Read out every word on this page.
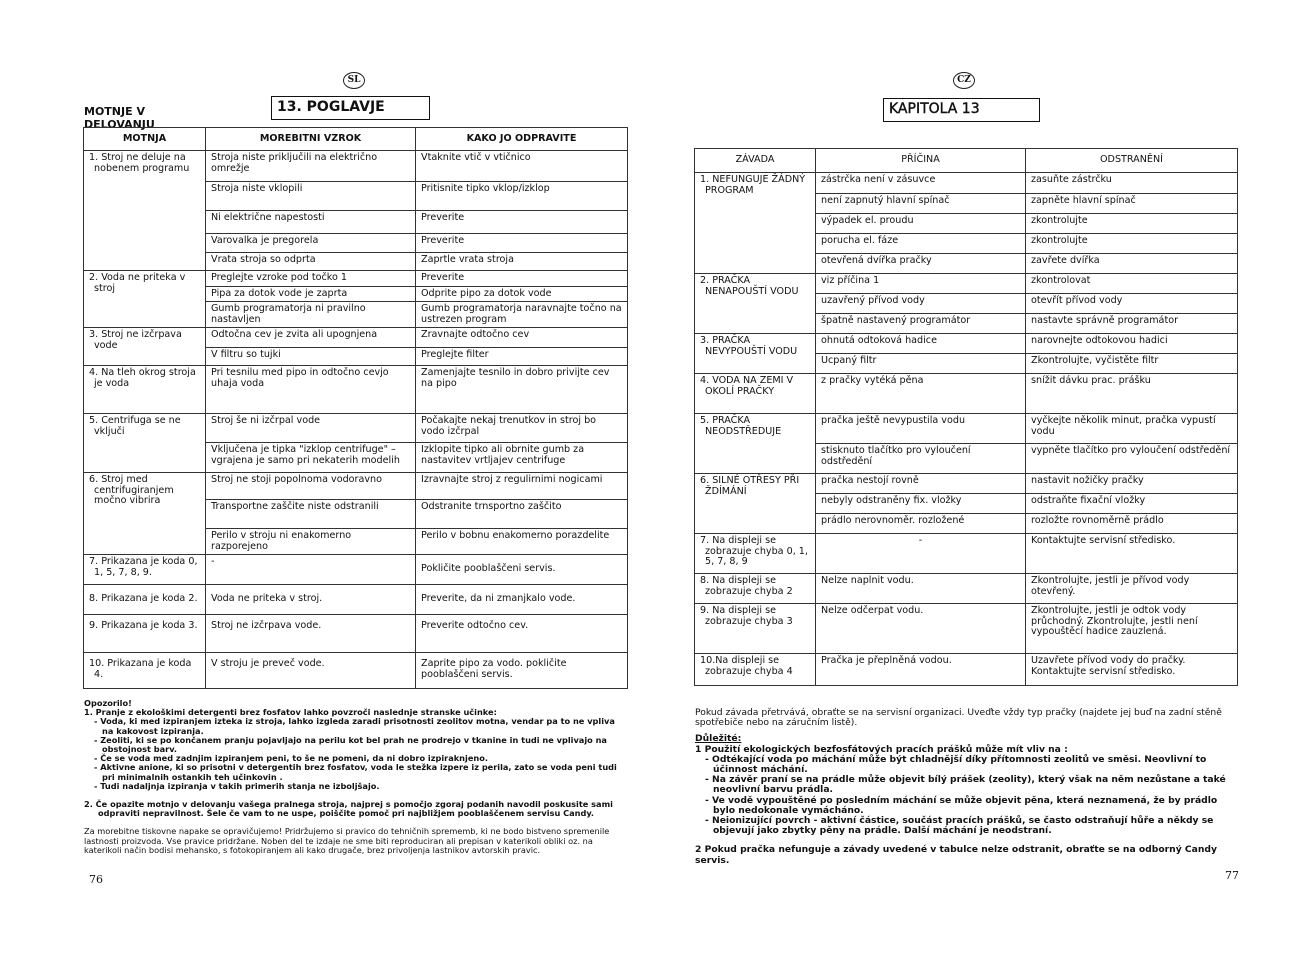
SL
MOTNJE V DELOVANJU
13. POGLAVJE
MOTNJA	MOREBITNI VZROK	KAKO JO ODPRAVITE
1. Stroj ne deluje na nobenem programu	Stroja niste priključili na električno omrežje	Vtaknite vtič v vtičnico
	Stroja niste vklopili	Pritisnite tipko vklop/izklop
	Ni električne napestosti	Preverite
	Varovalka je pregorela	Preverite
	Vrata stroja so odprta	Zaprtle vrata stroja
2. Voda ne priteka v stroj	Preglejte vzroke pod točko 1	Preverite
	Pipa za dotok vode je zaprta	Odprite pipo za dotok vode
	Gumb programatorja ni pravilno nastavljen	Gumb programatorja naravnajte točno na ustrezen program
3. Stroj ne izčrpava vode	Odtočna cev je zvita ali upognjena	Zravnajte odtočno cev
	V filtru so tujki	Preglejte filter
4. Na tleh okrog stroja je voda	Pri tesnilu med pipo in odtočno cevjo uhaja voda	Zamenjajte tesnilo in dobro privijte cev na pipo
5. Centrifuga se ne vključi	Stroj še ni izčrpal vode	Počakajte nekaj trenutkov in stroj bo vodo izčrpal
	Vključena je tipka "izklop centrifuge" – vgrajena je samo pri nekaterih modelih	Izklopite tipko ali obrnite gumb za nastavitev vrtljajev centrifuge
6. Stroj med centrifugiranjem močno vibrira	Stroj ne stoji popolnoma vodoravno	Izravnajte stroj z regulirnimi nogicami
	Transportne zaščite niste odstranili	Odstranite trnsportno zaščito
	Perilo v stroju ni enakomerno razporejeno	Perilo v bobnu enakomerno porazdelite
7. Prikazana je koda 0, 1, 5, 7, 8, 9.	-	Pokličite pooblaščeni servis.
8. Prikazana je koda 2.	Voda ne priteka v stroj.	Preverite, da ni zmanjkalo vode.
9. Prikazana je koda 3.	Stroj ne izčrpava vode.	Preverite odtočno cev.
10. Prikazana je koda 4.	V stroju je preveč vode.	Zaprite pipo za vodo. pokličite pooblaščeni servis.

Opozorilo!

1. Pranje z ekološkimi detergenti brez fosfatov lahko povzroči naslednje stranske učinke:

- Voda, ki med izpiranjem izteka iz stroja, lahko izgleda zaradi prisotnosti zeolitov motna, vendar pa to ne vpliva na kakovost izpiranja.

- Zeoliti, ki se po končanem pranju pojavljajo na perilu kot bel prah ne prodrejo v tkanine in tudi ne vplivajo na obstojnost barv.

- Če se voda med zadnjim izpiranjem peni, to še ne pomeni, da ni dobro izpiraknjeno.

- Aktivne anione, ki so prisotni v detergentih brez fosfatov, voda le stežka izpere iz perila, zato se voda peni tudi pri minimalnih ostankih teh učinkovin .

- Tudi nadaljnja izpiranja v takih primerih stanja ne izboljšajo.

2. Če opazite motnjo v delovanju vašega pralnega stroja, najprej s pomočjo zgoraj podanih navodil poskusite sami odpraviti nepravilnost. Šele če vam to ne uspe, poiščite pomoč pri najbližjem pooblaščenem servisu Candy.

Za morebitne tiskovne napake se opravičujemo! Pridržujemo si pravico do tehničnih sprememb, ki ne bodo bistveno spremenile lastnosti proizvoda. Vse pravice pridržane. Noben del te izdaje ne sme biti reproduciran ali prepisan v katerikoli obliki oz. na katerikoli način bodisi mehansko, s fotokopiranjem ali kako drugače, brez privoljenja lastnikov avtorskih pravic.

76
CZ
KAPITOLA 13
ZÁVADA	PŘÍČINA	ODSTRANĚNÍ
1. NEFUNGUJE ŽÁDNÝ PROGRAM	zástrčka není v zásuvce	zasuňte zástrčku
	není zapnutý hlavní spínač	zapněte hlavní spínač
	výpadek el. proudu	zkontrolujte
	porucha el. fáze	zkontrolujte
	otevřená dvířka pračky	zavřete dvířka
2. PRAČKA NENAPOUŠTÍ VODU	viz příčina 1	zkontrolovat
	uzavřený přívod vody	otevřít přívod vody
	špatně nastavený programátor	nastavte správně programátor
3. PRAČKA NEVYPOUŠTÍ VODU	ohnutá odtoková hadice	narovnejte odtokovou hadici
	Ucpaný filtr	Zkontrolujte, vyčistěte filtr
4. VODA NA ZEMI V OKOLÍ PRAČKY	z pračky vytéká pěna	snížit dávku prac. prášku
5. PRAČKA NEODSTŘEDUJE	pračka ještě nevypustila vodu	vyčkejte několik minut, pračka vypustí vodu
	stisknuto tlačítko pro vyloučení odstředění	vypněte tlačítko pro vyloučení odstředění
6. SILNÉ OTŘESY PŘI ŽDÍMÁNÍ	pračka nestojí rovně	nastavit nožičky pračky
	nebyly odstraněny fix. vložky	odstraňte fixační vložky
	prádlo nerovnoměr. rozložené	rozložte rovnoměrně prádlo
7. Na displeji se zobrazuje chyba 0, 1, 5, 7, 8, 9	-	Kontaktujte servisní středisko.
8. Na displeji se zobrazuje chyba 2	Nelze naplnit vodu.	Zkontrolujte, jestli je přívod vody otevřený.
9. Na displeji se zobrazuje chyba 3	Nelze odčerpat vodu.	Zkontrolujte, jestli je odtok vody průchodný. Zkontrolujte, jestli není vypouštěcí hadice zauzlená.
10.Na displeji se zobrazuje chyba 4	Pračka je přeplněná vodou.	Uzavřete přívod vody do pračky. Kontaktujte servisní středisko.

Pokud závada přetrvává, obraťte se na servisní organizaci. Uveďte vždy typ pračky (najdete jej buď na zadní stěně spotřebiče nebo na záručním listě).

Důležité:

1 Použití ekologických bezfosfátových pracích prášků může mít vliv na :

- Odtékající voda po máchání může být chladnější díky přítomnosti zeolitů ve směsi. Neovlivní to účinnost máchání.

- Na závěr praní se na prádle může objevit bílý prášek (zeolity), který však na něm nezůstane a také neovlivní barvu prádla.

- Ve vodě vypouštěné po posledním máchání se může objevit pěna, která neznamená, že by prádlo bylo nedokonale vymácháno.

- Neionizující povrch - aktivní částice, součást pracích prášků, se často odstraňují hůře a někdy se objevují jako zbytky pěny na prádle. Další máchání je neodstraní.

2 Pokud pračka nefunguje a závady uvedené v tabulce nelze odstranit, obraťte se na odborný Candy servis.

77
